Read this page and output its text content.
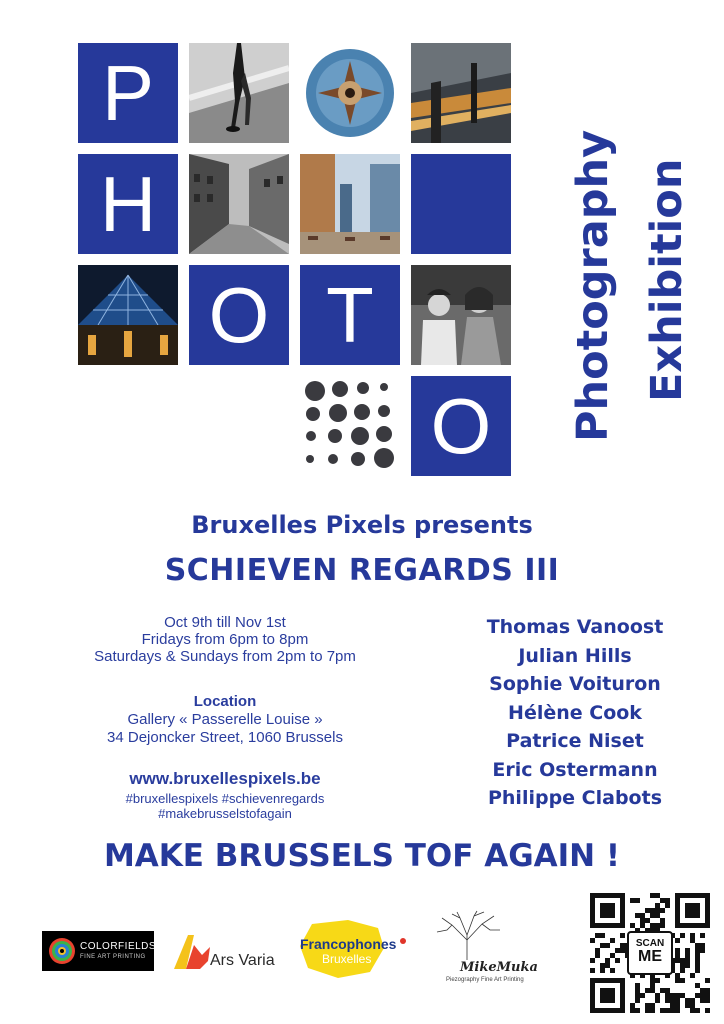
P
H
O T
O Photography Exhibition
Bruxelles Pixels presents
SCHIEVEN REGARDS III
Oct 9th till Nov 1st
Fridays from 6pm to 8pm
Saturdays & Sundays from 2pm to 7pm
Location
Gallery « Passerelle Louise »
34 Dejoncker Street, 1060 Brussels
www.bruxellespixels.be
#bruxellespixels #schievenregards #makebrusselstofagain
Thomas Vanoost
Julian Hills
Sophie Voituron
Hélène Cook
Patrice Niset
Eric Ostermann
Philippe Clabots
MAKE BRUSSELS TOF AGAIN !
COLORFIELDS
FINE ART PRINTING	Ars Varia
Francophones
Bruxelles
MikeMuka
Piezography Fine Art Printing
SCAN
ME
